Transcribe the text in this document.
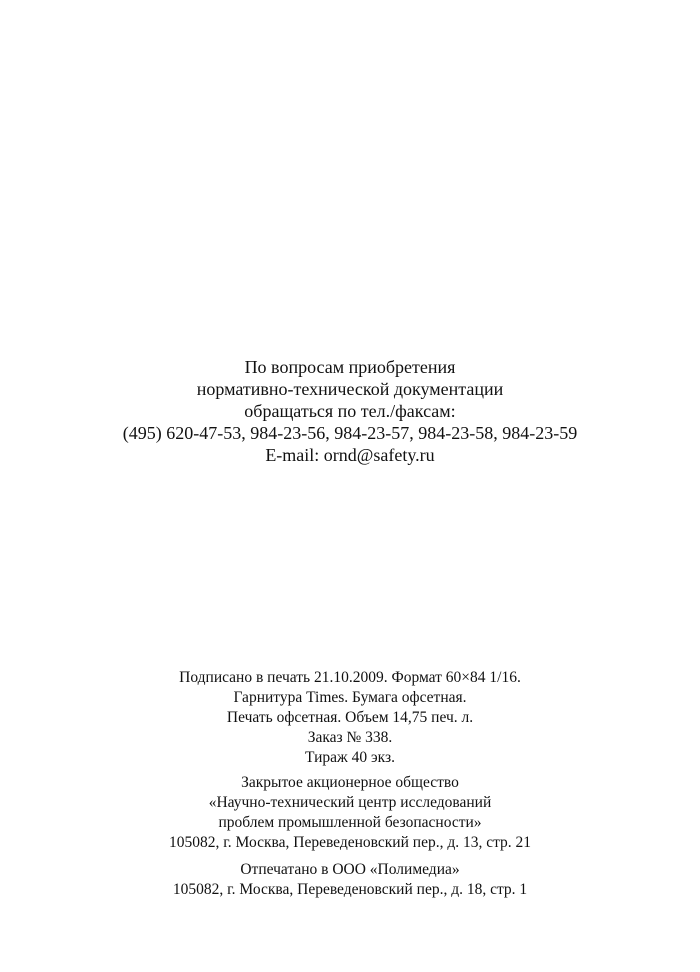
По вопросам приобретения
нормативно-технической документации
обращаться по тел./факсам:
(495) 620-47-53, 984-23-56, 984-23-57, 984-23-58, 984-23-59
E-mail: ornd@safety.ru
Подписано в печать 21.10.2009. Формат 60×84 1/16.
Гарнитура Times. Бумага офсетная.
Печать офсетная. Объем 14,75 печ. л.
Заказ № 338.
Тираж 40 экз.
Закрытое акционерное общество
«Научно-технический центр исследований
проблем промышленной безопасности»
105082, г. Москва, Переведеновский пер., д. 13, стр. 21
Отпечатано в ООО «Полимедиа»
105082, г. Москва, Переведеновский пер., д. 18, стр. 1
